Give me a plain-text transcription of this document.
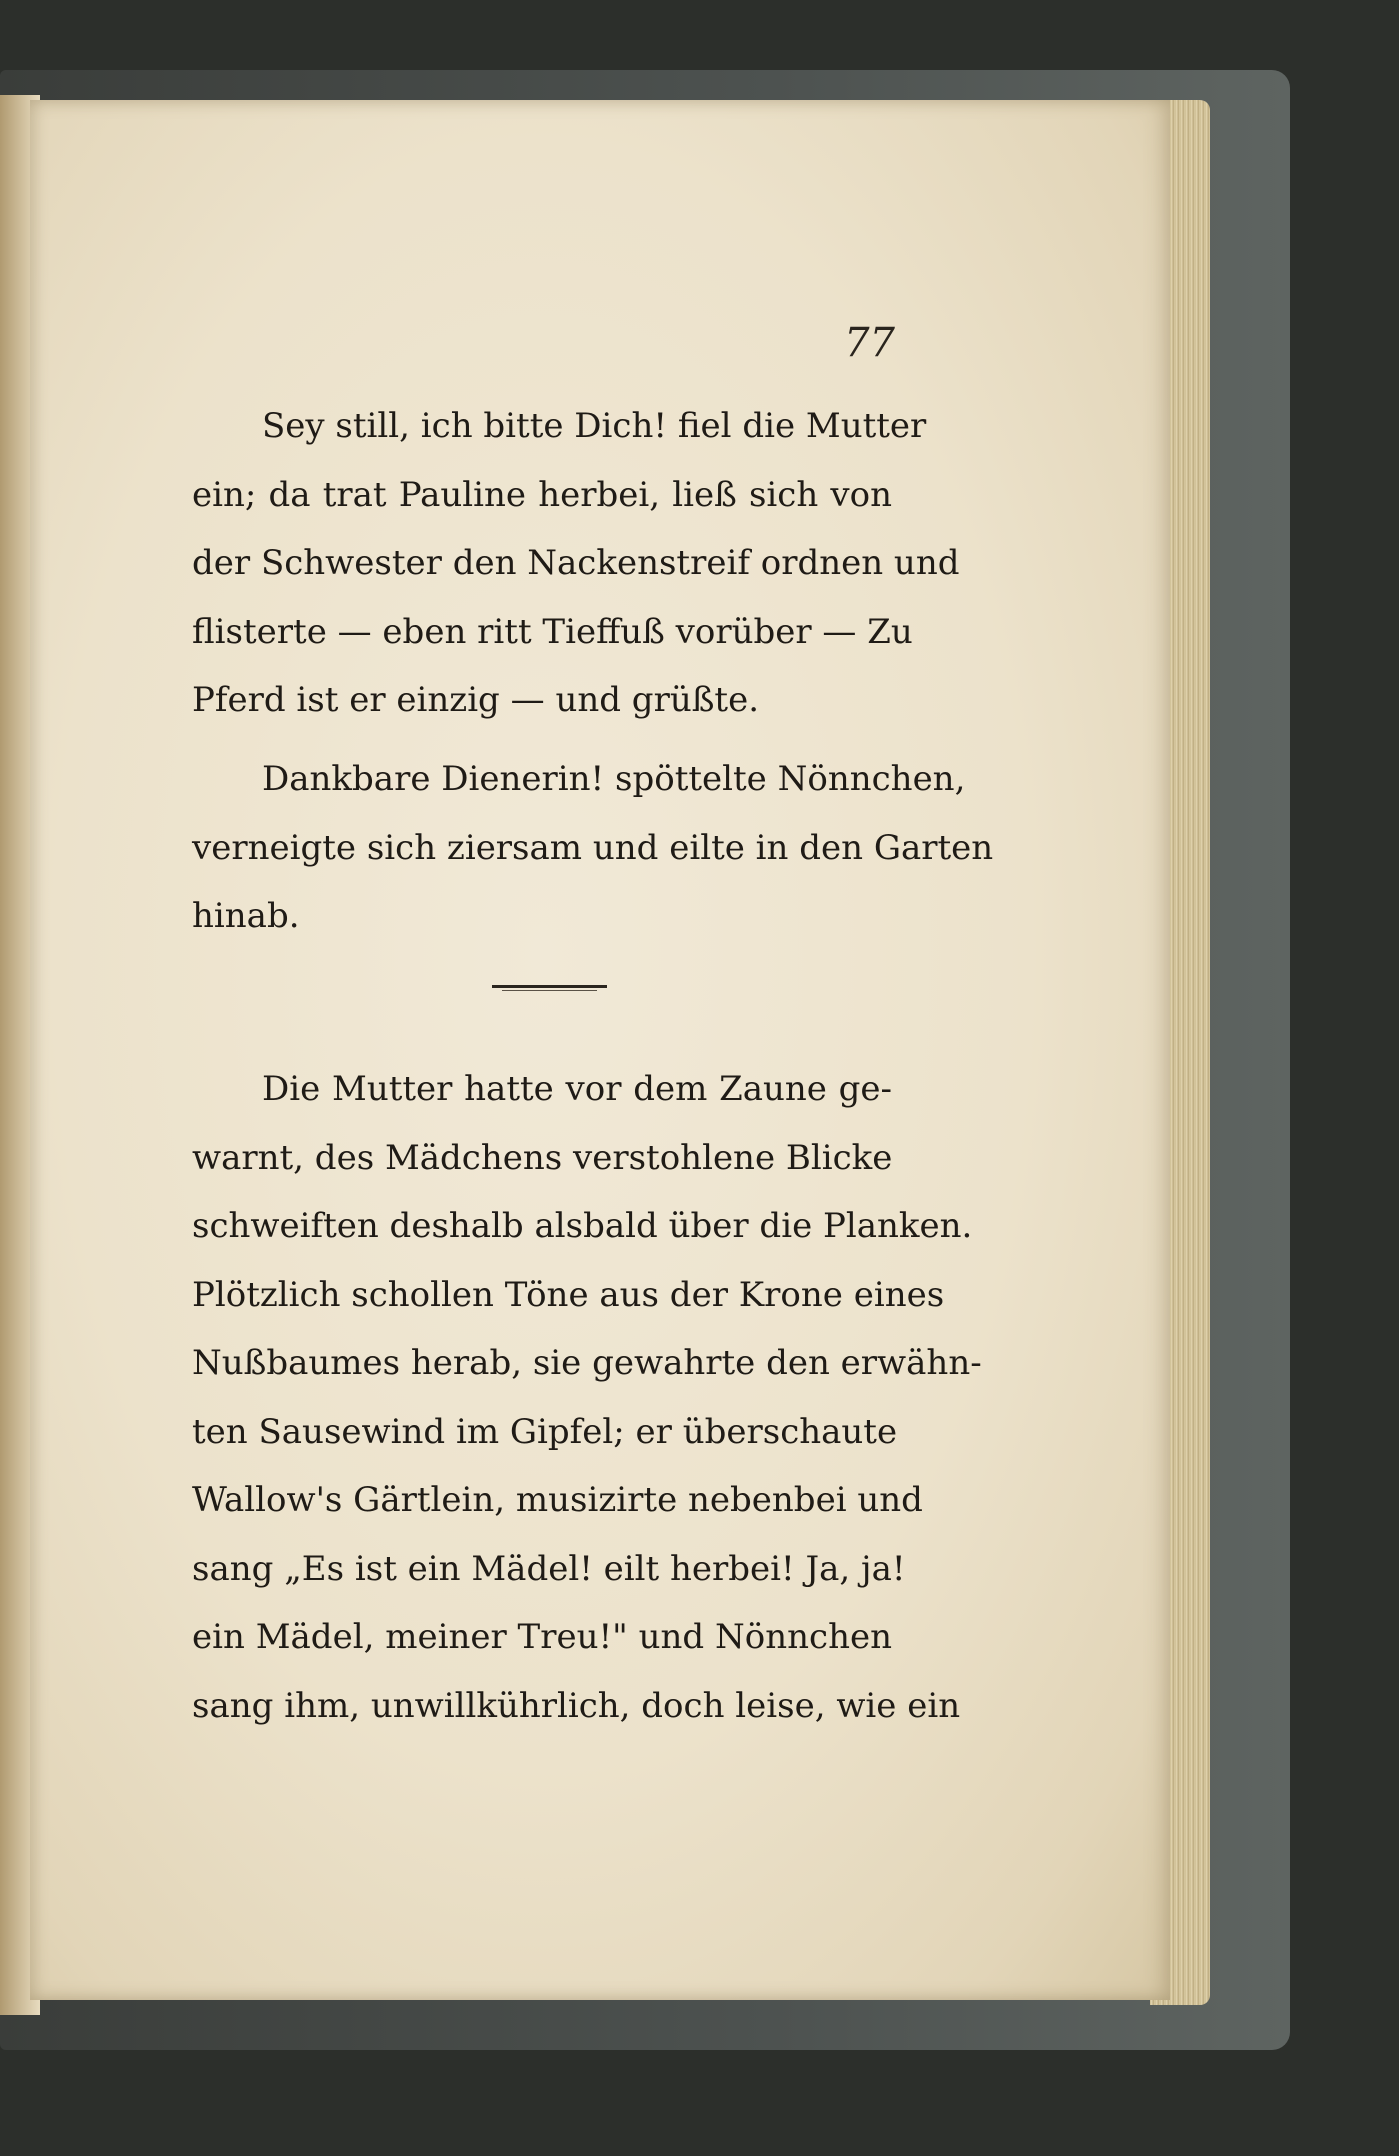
77
Sey still, ich bitte Dich! fiel die Mutter
ein; da trat Pauline herbei, ließ sich von
der Schwester den Nackenstreif ordnen und
flisterte — eben ritt Tieffuß vorüber — Zu
Pferd ist er einzig — und grüßte.
Dankbare Dienerin! spöttelte Nönnchen,
verneigte sich ziersam und eilte in den Garten
hinab.
Die Mutter hatte vor dem Zaune ge-
warnt, des Mädchens verstohlene Blicke
schweiften deshalb alsbald über die Planken.
Plötzlich schollen Töne aus der Krone eines
Nußbaumes herab, sie gewahrte den erwähn-
ten Sausewind im Gipfel; er überschaute
Wallow's Gärtlein, musizirte nebenbei und
sang „Es ist ein Mädel! eilt herbei! Ja, ja!
ein Mädel, meiner Treu!" und Nönnchen
sang ihm, unwillkührlich, doch leise, wie ein
